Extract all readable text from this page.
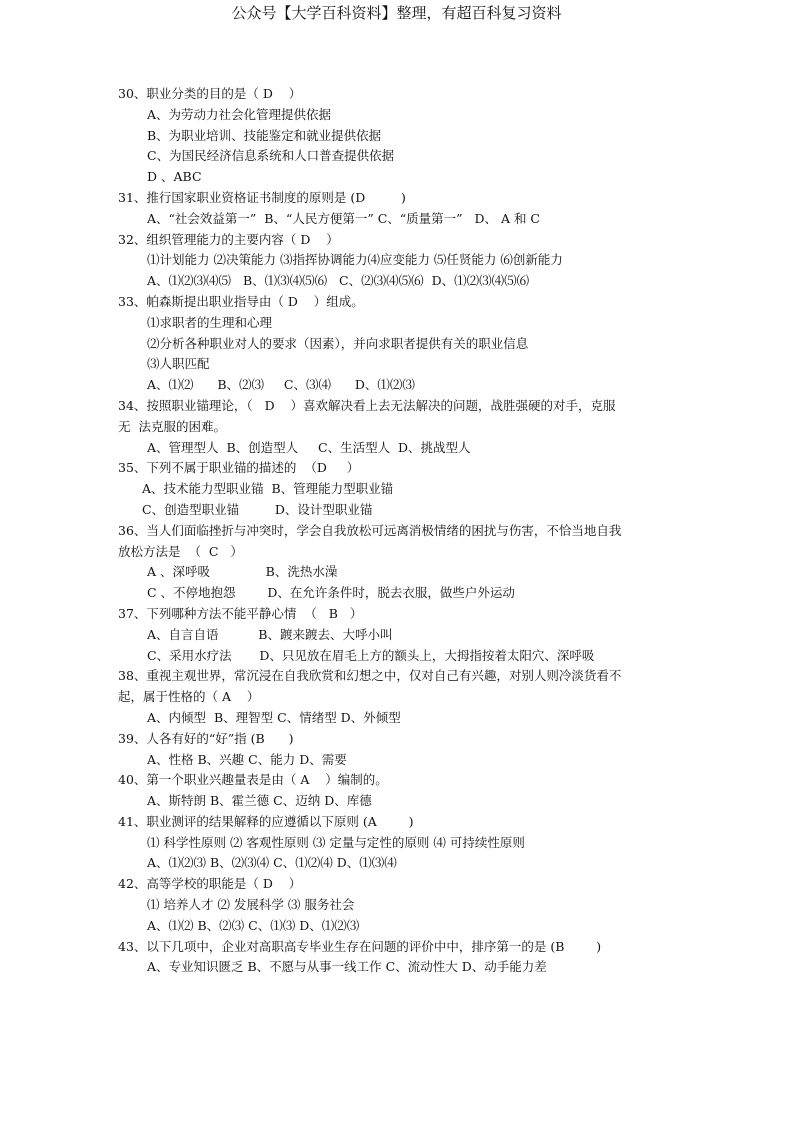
公众号【大学百科资料】整理，有超百科复习资料
30、职业分类的目的是（ D    ）
A、为劳动力社会化管理提供依据
B、为职业培训、技能鉴定和就业提供依据
C、为国民经济信息系统和人口普查提供依据
D 、ABC
31、推行国家职业资格证书制度的原则是 (D         )
A、“社会效益第一”  B、“人民方便第一” C、“质量第一”   D、 A 和 C
32、组织管理能力的主要内容（ D    ）
⑴计划能力 ⑵决策能力 ⑶指挥协调能力⑷应变能力 ⑸任贤能力 ⑹创新能力
A、⑴⑵⑶⑷⑸   B、⑴⑶⑷⑸⑹   C、⑵⑶⑷⑸⑹  D、⑴⑵⑶⑷⑸⑹
33、帕森斯提出职业指导由（ D    ）组成。
⑴求职者的生理和心理
⑵分析各种职业对人的要求（因素），并向求职者提供有关的职业信息
⑶人职匹配
A、⑴⑵      B、⑵⑶     C、⑶⑷      D、⑴⑵⑶
34、按照职业锚理论，（   D    ）喜欢解决看上去无法解决的问题，战胜强硬的对手，克服
无  法克服的困难。
A、管理型人  B、创造型人     C、生活型人  D、挑战型人
35、下列不属于职业锚的描述的  （D     ）
A、技术能力型职业锚  B、管理能力型职业锚
C、创造型职业锚         D、设计型职业锚
36、当人们面临挫折与冲突时，学会自我放松可远离消极情绪的困扰与伤害，不恰当地自我
放松方法是  （  C   ）
A 、深呼吸              B、洗热水澡
C 、不停地抱怨        D、在允许条件时，脱去衣服，做些户外运动
37、下列哪种方法不能平静心情  （   B   ）
A、自言自语          B、踱来踱去、大呼小叫
C、采用水疗法       D、只见放在眉毛上方的额头上，大拇指按着太阳穴、深呼吸
38、重视主观世界，常沉浸在自我欣赏和幻想之中，仅对自己有兴趣，对别人则冷淡货看不
起，属于性格的（ A    ）
A、内倾型  B、理智型 C、情绪型 D、外倾型
39、人各有好的“好”指 (B      )
A、性格 B、兴趣 C、能力 D、需要
40、第一个职业兴趣量表是由（ A    ）编制的。
A、斯特朗 B、霍兰德 C、迈纳 D、库德
41、职业测评的结果解释的应遵循以下原则 (A        )
⑴ 科学性原则 ⑵ 客观性原则 ⑶ 定量与定性的原则 ⑷ 可持续性原则
A、⑴⑵⑶ B、⑵⑶⑷ C、⑴⑵⑷ D、⑴⑶⑷
42、高等学校的职能是（ D    ）
⑴ 培养人才 ⑵ 发展科学 ⑶ 服务社会
A、⑴⑵ B、⑵⑶ C、⑴⑶ D、⑴⑵⑶
43、以下几项中，企业对高职高专毕业生存在问题的评价中中，排序第一的是 (B        )
A、专业知识匮乏 B、不愿与从事一线工作 C、流动性大 D、动手能力差
